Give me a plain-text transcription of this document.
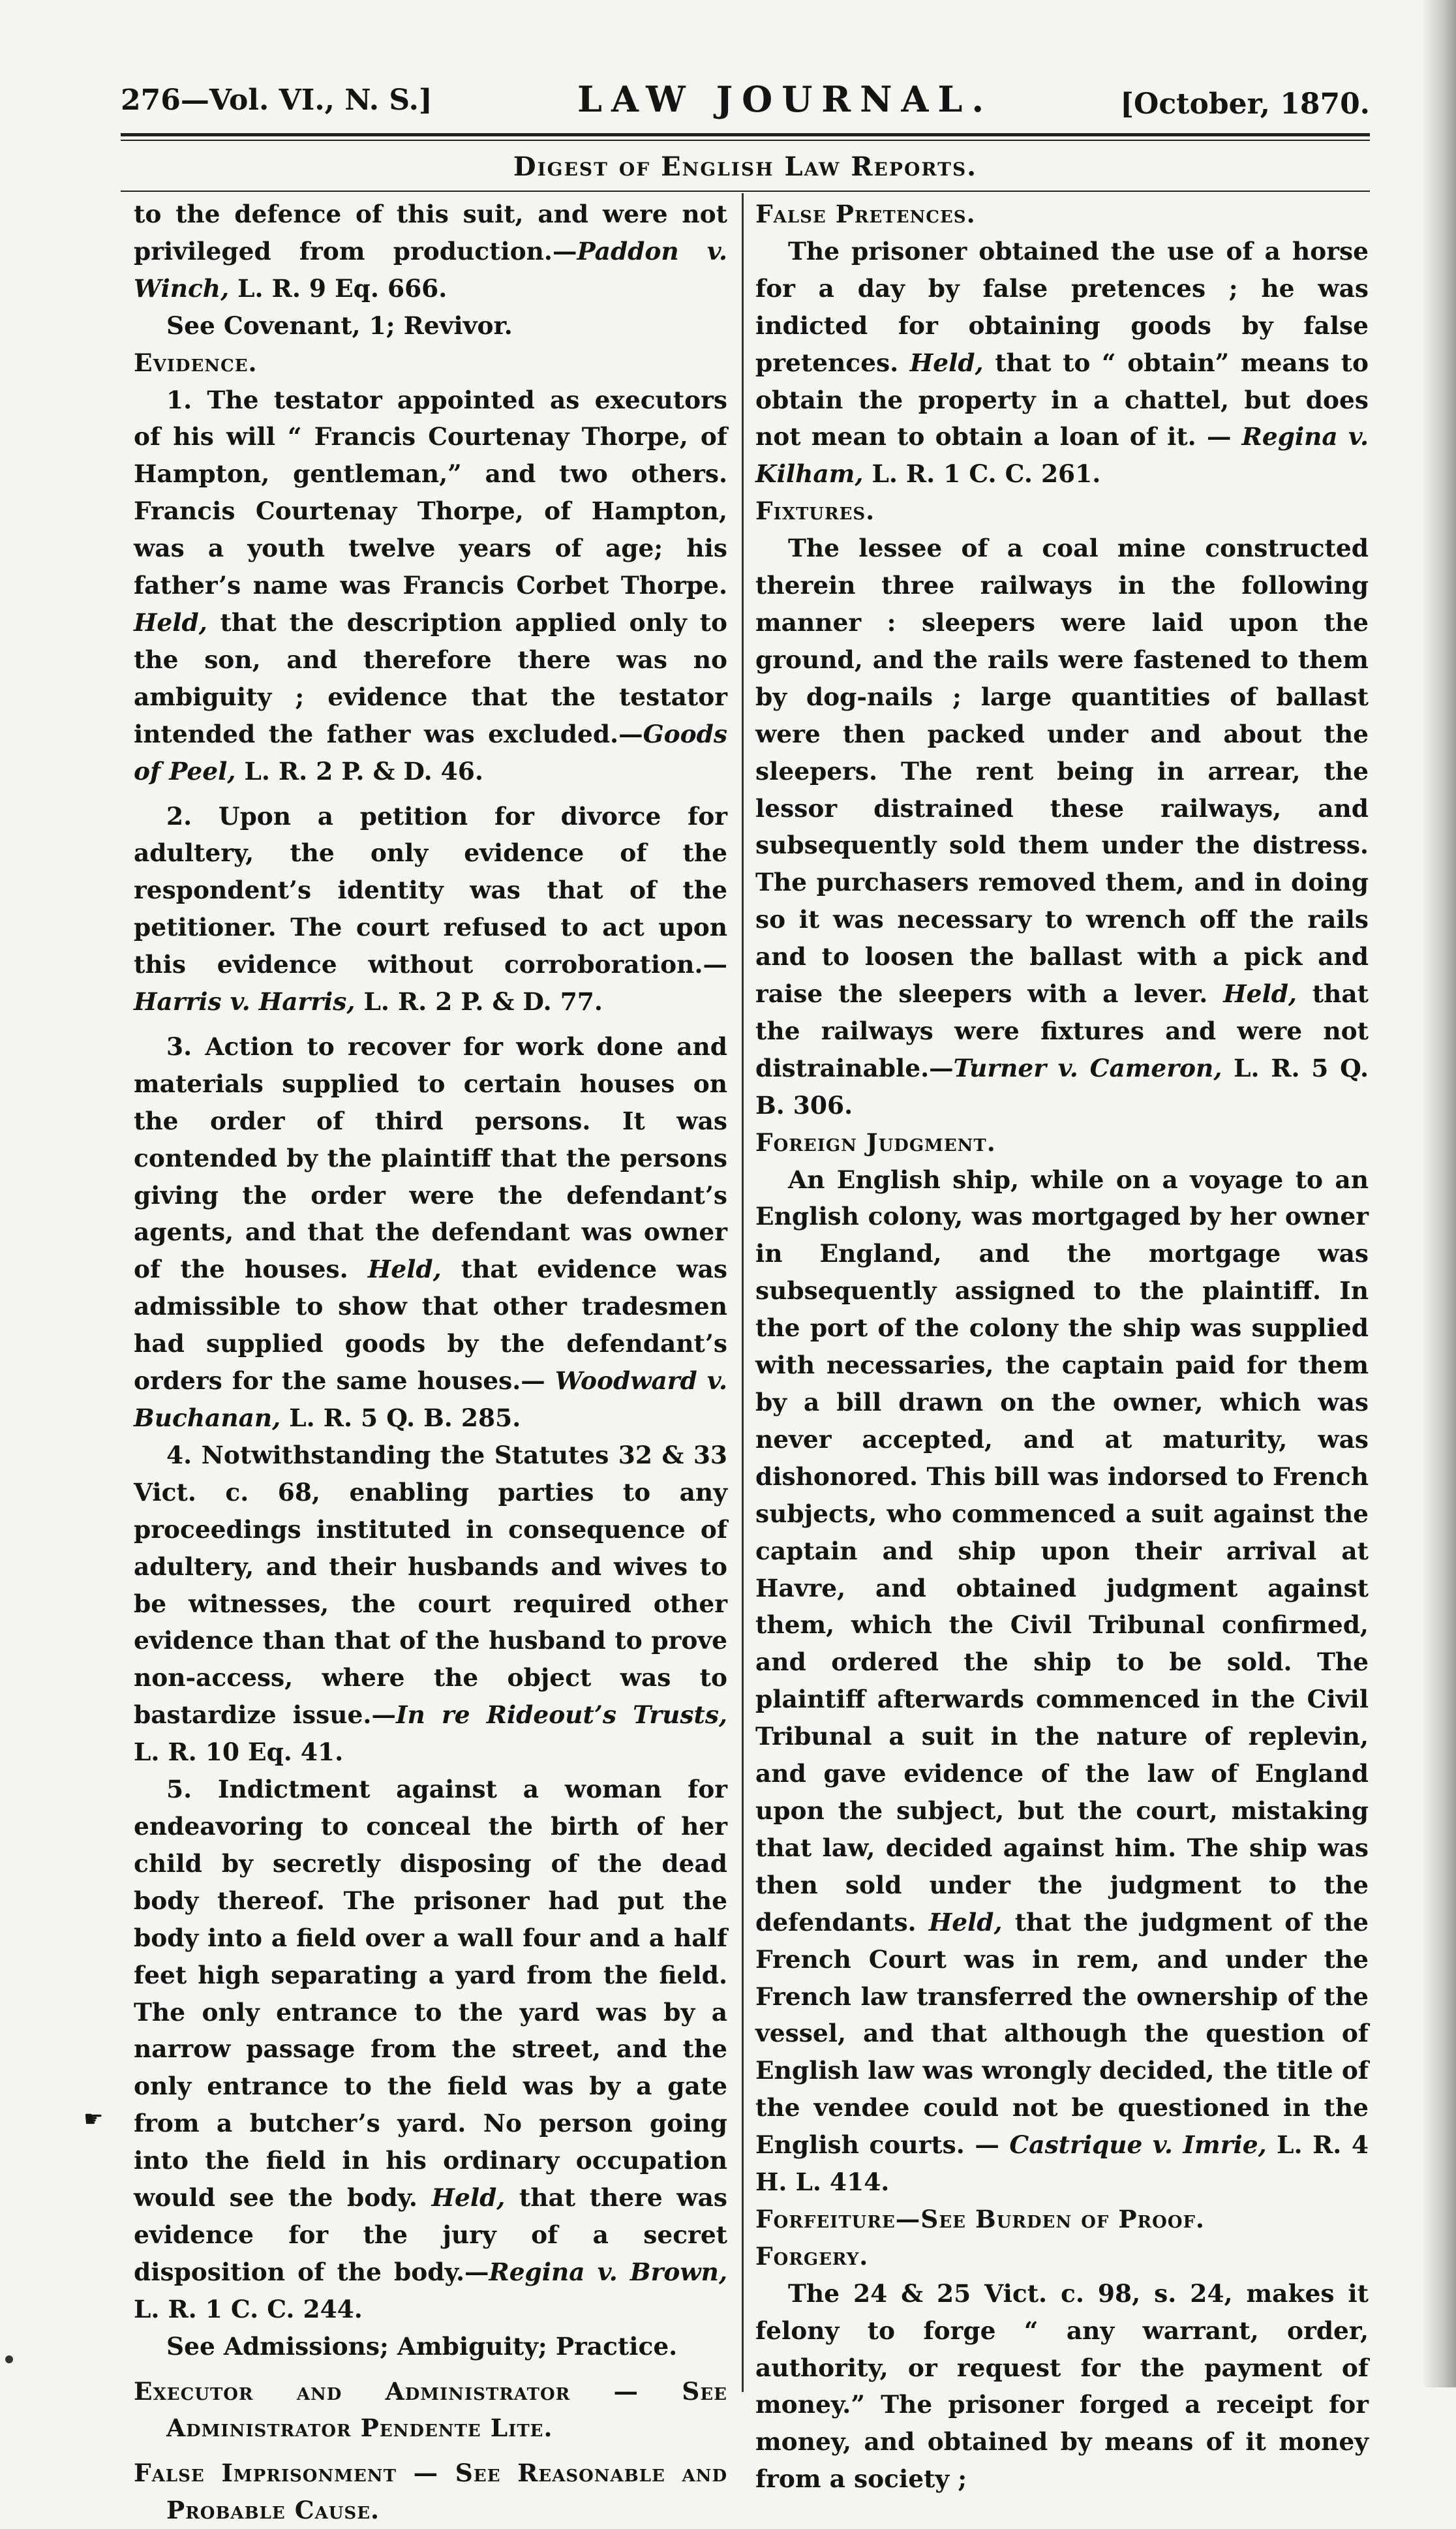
276—Vol. VI., N. S.]	LAW JOURNAL.	[October, 1870.
Digest of English Law Reports.

to the defence of this suit, and were not privileged from production.—Paddon v. Winch, L. R. 9 Eq. 666.

See Covenant, 1; Revivor.

Evidence.

1. The testator appointed as executors of his will “ Francis Courtenay Thorpe, of Hampton, gentleman,” and two others. Francis Courtenay Thorpe, of Hampton, was a youth twelve years of age; his father’s name was Francis Corbet Thorpe. Held, that the description applied only to the son, and therefore there was no ambiguity ; evidence that the testator intended the father was excluded.—Goods of Peel, L. R. 2 P. & D. 46.

2. Upon a petition for divorce for adultery, the only evidence of the respondent’s identity was that of the petitioner. The court refused to act upon this evidence without corroboration.—Harris v. Harris, L. R. 2 P. & D. 77.

3. Action to recover for work done and materials supplied to certain houses on the order of third persons. It was contended by the plaintiff that the persons giving the order were the defendant’s agents, and that the defendant was owner of the houses. Held, that evidence was admissible to show that other tradesmen had supplied goods by the defendant’s orders for the same houses.— Woodward v. Buchanan, L. R. 5 Q. B. 285.

4. Notwithstanding the Statutes 32 & 33 Vict. c. 68, enabling parties to any proceedings instituted in consequence of adultery, and their husbands and wives to be witnesses, the court required other evidence than that of the husband to prove non-access, where the object was to bastardize issue.—In re Rideout’s Trusts, L. R. 10 Eq. 41.

5. Indictment against a woman for endeavoring to conceal the birth of her child by secretly disposing of the dead body thereof. The prisoner had put the body into a field over a wall four and a half feet high separating a yard from the field. The only entrance to the yard was by a narrow passage from the street, and the only entrance to the field was by a gate from a butcher’s yard. No person going into the field in his ordinary occupation would see the body. Held, that there was evidence for the jury of a secret disposition of the body.—Regina v. Brown, L. R. 1 C. C. 244.

See Admissions; Ambiguity; Practice.

Executor and Administrator — See Administrator Pendente Lite.

False Imprisonment — See Reasonable and Probable Cause.

False Pretences.

The prisoner obtained the use of a horse for a day by false pretences ; he was indicted for obtaining goods by false pretences. Held, that to “ obtain” means to obtain the property in a chattel, but does not mean to obtain a loan of it. — Regina v. Kilham, L. R. 1 C. C. 261.

Fixtures.

The lessee of a coal mine constructed therein three railways in the following manner : sleepers were laid upon the ground, and the rails were fastened to them by dog-nails ; large quantities of ballast were then packed under and about the sleepers. The rent being in arrear, the lessor distrained these railways, and subsequently sold them under the distress. The purchasers removed them, and in doing so it was necessary to wrench off the rails and to loosen the ballast with a pick and raise the sleepers with a lever. Held, that the railways were fixtures and were not distrainable.—Turner v. Cameron, L. R. 5 Q. B. 306.

Foreign Judgment.

An English ship, while on a voyage to an English colony, was mortgaged by her owner in England, and the mortgage was subsequently assigned to the plaintiff. In the port of the colony the ship was supplied with necessaries, the captain paid for them by a bill drawn on the owner, which was never accepted, and at maturity, was dishonored. This bill was indorsed to French subjects, who commenced a suit against the captain and ship upon their arrival at Havre, and obtained judgment against them, which the Civil Tribunal confirmed, and ordered the ship to be sold. The plaintiff afterwards commenced in the Civil Tribunal a suit in the nature of replevin, and gave evidence of the law of England upon the subject, but the court, mistaking that law, decided against him. The ship was then sold under the judgment to the defendants. Held, that the judgment of the French Court was in rem, and under the French law transferred the ownership of the vessel, and that although the question of English law was wrongly decided, the title of the vendee could not be questioned in the English courts. — Castrique v. Imrie, L. R. 4 H. L. 414.

Forfeiture—See Burden of Proof.

Forgery.

The 24 & 25 Vict. c. 98, s. 24, makes it felony to forge “ any warrant, order, authority, or request for the payment of money.” The prisoner forged a receipt for money, and obtained by means of it money from a society ;

☛
